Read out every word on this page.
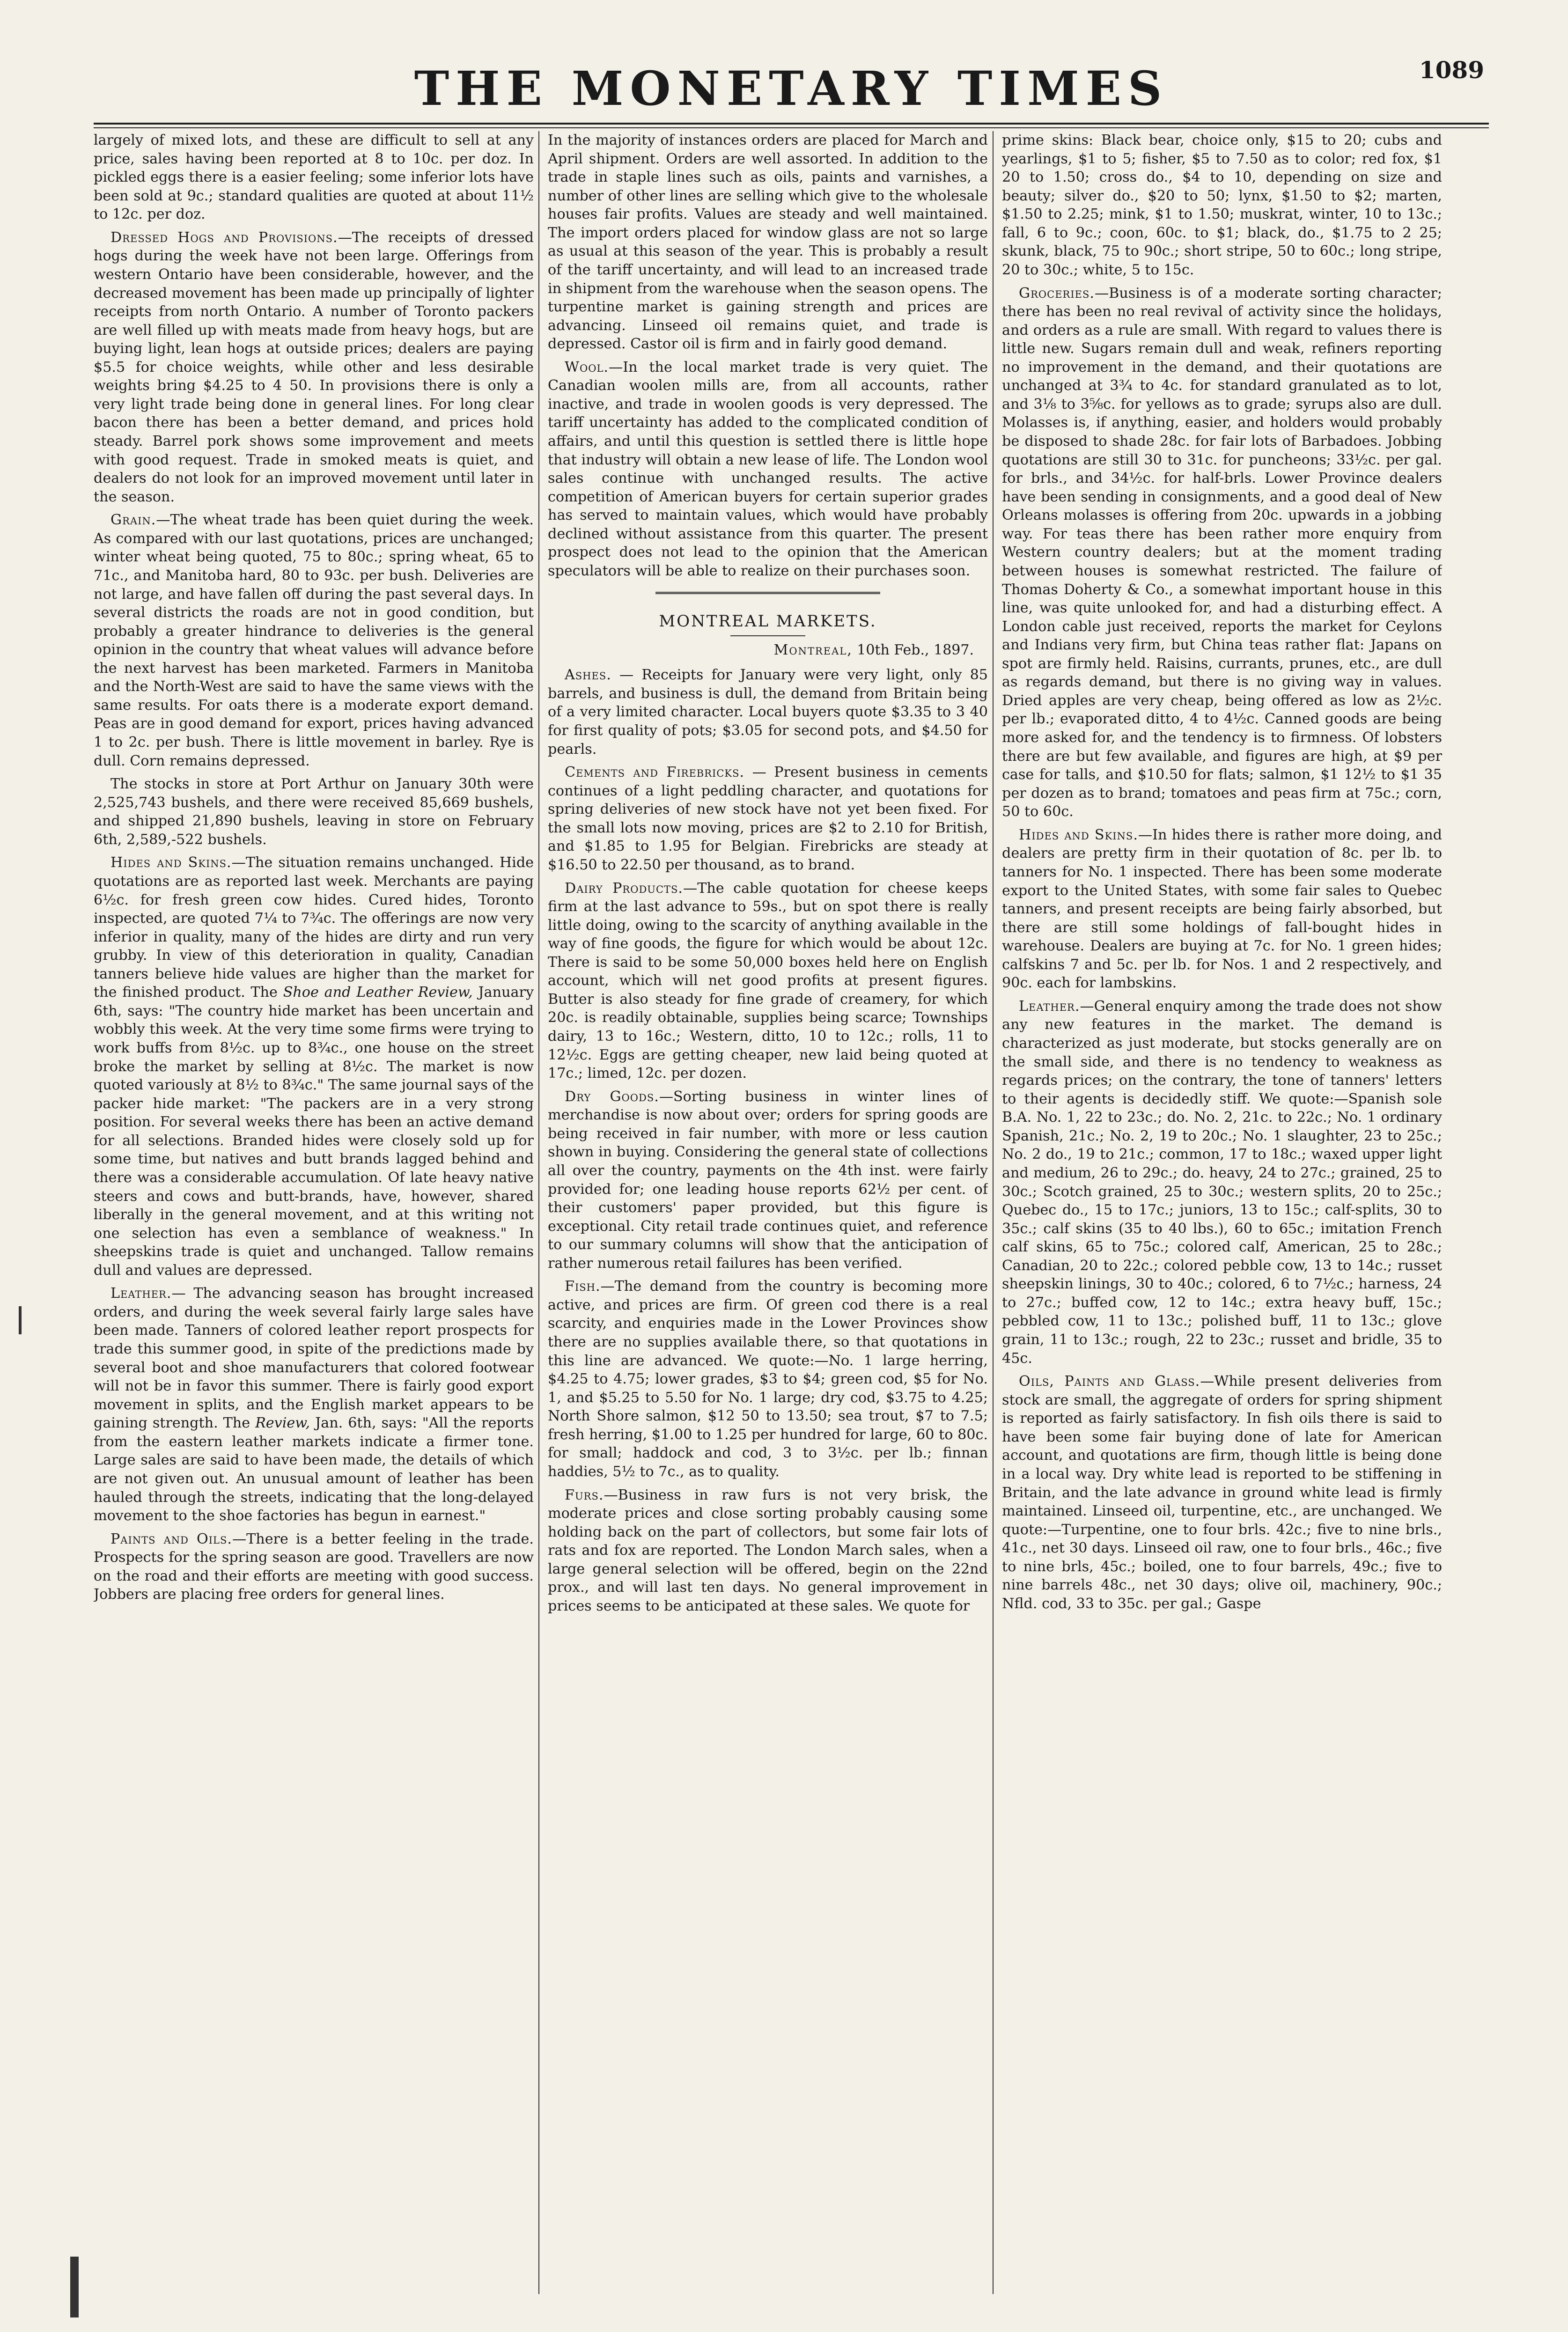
THE MONETARY TIMES	1089

largely of mixed lots, and these are difficult to sell at any price, sales having been reported at 8 to 10c. per doz. In pickled eggs there is a easier feeling; some inferior lots have been sold at 9c.; standard qualities are quoted at about 11½ to 12c. per doz.

Dressed Hogs and Provisions.—The receipts of dressed hogs during the week have not been large. Offerings from western Ontario have been considerable, however, and the decreased movement has been made up principally of lighter receipts from north Ontario. A number of Toronto packers are well filled up with meats made from heavy hogs, but are buying light, lean hogs at outside prices; dealers are paying $5.5 for choice weights, while other and less desirable weights bring $4.25 to 4 50. In provisions there is only a very light trade being done in general lines. For long clear bacon there has been a better demand, and prices hold steady. Barrel pork shows some improvement and meets with good request. Trade in smoked meats is quiet, and dealers do not look for an improved movement until later in the season.

Grain.—The wheat trade has been quiet during the week. As compared with our last quotations, prices are unchanged; winter wheat being quoted, 75 to 80c.; spring wheat, 65 to 71c., and Manitoba hard, 80 to 93c. per bush. Deliveries are not large, and have fallen off during the past several days. In several districts the roads are not in good condition, but probably a greater hindrance to deliveries is the general opinion in the country that wheat values will advance before the next harvest has been marketed. Farmers in Manitoba and the North-West are said to have the same views with the same results. For oats there is a moderate export demand. Peas are in good demand for export, prices having advanced 1 to 2c. per bush. There is little movement in barley. Rye is dull. Corn remains depressed.

The stocks in store at Port Arthur on January 30th were 2,525,743 bushels, and there were received 85,669 bushels, and shipped 21,890 bushels, leaving in store on February 6th, 2,589,-522 bushels.

Hides and Skins.—The situation remains unchanged. Hide quotations are as reported last week. Merchants are paying 6½c. for fresh green cow hides. Cured hides, Toronto inspected, are quoted 7¼ to 7¾c. The offerings are now very inferior in quality, many of the hides are dirty and run very grubby. In view of this deterioration in quality, Canadian tanners believe hide values are higher than the market for the finished product. The Shoe and Leather Review, January 6th, says: "The country hide market has been uncertain and wobbly this week. At the very time some firms were trying to work buffs from 8½c. up to 8¾c., one house on the street broke the market by selling at 8½c. The market is now quoted variously at 8½ to 8¾c." The same journal says of the packer hide market: "The packers are in a very strong position. For several weeks there has been an active demand for all selections. Branded hides were closely sold up for some time, but natives and butt brands lagged behind and there was a considerable accumulation. Of late heavy native steers and cows and butt-brands, have, however, shared liberally in the general movement, and at this writing not one selection has even a semblance of weakness." In sheepskins trade is quiet and unchanged. Tallow remains dull and values are depressed.

Leather.— The advancing season has brought increased orders, and during the week several fairly large sales have been made. Tanners of colored leather report prospects for trade this summer good, in spite of the predictions made by several boot and shoe manufacturers that colored footwear will not be in favor this summer. There is fairly good export movement in splits, and the English market appears to be gaining strength. The Review, Jan. 6th, says: "All the reports from the eastern leather markets indicate a firmer tone. Large sales are said to have been made, the details of which are not given out. An unusual amount of leather has been hauled through the streets, indicating that the long-delayed movement to the shoe factories has begun in earnest."

Paints and Oils.—There is a better feeling in the trade. Prospects for the spring season are good. Travellers are now on the road and their efforts are meeting with good success. Jobbers are placing free orders for general lines.

In the majority of instances orders are placed for March and April shipment. Orders are well assorted. In addition to the trade in staple lines such as oils, paints and varnishes, a number of other lines are selling which give to the wholesale houses fair profits. Values are steady and well maintained. The import orders placed for window glass are not so large as usual at this season of the year. This is probably a result of the tariff uncertainty, and will lead to an increased trade in shipment from the warehouse when the season opens. The turpentine market is gaining strength and prices are advancing. Linseed oil remains quiet, and trade is depressed. Castor oil is firm and in fairly good demand.

Wool.—In the local market trade is very quiet. The Canadian woolen mills are, from all accounts, rather inactive, and trade in woolen goods is very depressed. The tariff uncertainty has added to the complicated condition of affairs, and until this question is settled there is little hope that industry will obtain a new lease of life. The London wool sales continue with unchanged results. The active competition of American buyers for certain superior grades has served to maintain values, which would have probably declined without assistance from this quarter. The present prospect does not lead to the opinion that the American speculators will be able to realize on their purchases soon.

MONTREAL MARKETS.
Montreal, 10th Feb., 1897.

Ashes. — Receipts for January were very light, only 85 barrels, and business is dull, the demand from Britain being of a very limited character. Local buyers quote $3.35 to 3 40 for first quality of pots; $3.05 for second pots, and $4.50 for pearls.

Cements and Firebricks. — Present business in cements continues of a light peddling character, and quotations for spring deliveries of new stock have not yet been fixed. For the small lots now moving, prices are $2 to 2.10 for British, and $1.85 to 1.95 for Belgian. Firebricks are steady at $16.50 to 22.50 per thousand, as to brand.

Dairy Products.—The cable quotation for cheese keeps firm at the last advance to 59s., but on spot there is really little doing, owing to the scarcity of anything available in the way of fine goods, the figure for which would be about 12c. There is said to be some 50,000 boxes held here on English account, which will net good profits at present figures. Butter is also steady for fine grade of creamery, for which 20c. is readily obtainable, supplies being scarce; Townships dairy, 13 to 16c.; Western, ditto, 10 to 12c.; rolls, 11 to 12½c. Eggs are getting cheaper, new laid being quoted at 17c.; limed, 12c. per dozen.

Dry Goods.—Sorting business in winter lines of merchandise is now about over; orders for spring goods are being received in fair number, with more or less caution shown in buying. Considering the general state of collections all over the country, payments on the 4th inst. were fairly provided for; one leading house reports 62½ per cent. of their customers' paper provided, but this figure is exceptional. City retail trade continues quiet, and reference to our summary columns will show that the anticipation of rather numerous retail failures has been verified.

Fish.—The demand from the country is becoming more active, and prices are firm. Of green cod there is a real scarcity, and enquiries made in the Lower Provinces show there are no supplies available there, so that quotations in this line are advanced. We quote:—No. 1 large herring, $4.25 to 4.75; lower grades, $3 to $4; green cod, $5 for No. 1, and $5.25 to 5.50 for No. 1 large; dry cod, $3.75 to 4.25; North Shore salmon, $12 50 to 13.50; sea trout, $7 to 7.5; fresh herring, $1.00 to 1.25 per hundred for large, 60 to 80c. for small; haddock and cod, 3 to 3½c. per lb.; finnan haddies, 5½ to 7c., as to quality.

Furs.—Business in raw furs is not very brisk, the moderate prices and close sorting probably causing some holding back on the part of collectors, but some fair lots of rats and fox are reported. The London March sales, when a large general selection will be offered, begin on the 22nd prox., and will last ten days. No general improvement in prices seems to be anticipated at these sales. We quote for

prime skins: Black bear, choice only, $15 to 20; cubs and yearlings, $1 to 5; fisher, $5 to 7.50 as to color; red fox, $1 20 to 1.50; cross do., $4 to 10, depending on size and beauty; silver do., $20 to 50; lynx, $1.50 to $2; marten, $1.50 to 2.25; mink, $1 to 1.50; muskrat, winter, 10 to 13c.; fall, 6 to 9c.; coon, 60c. to $1; black, do., $1.75 to 2 25; skunk, black, 75 to 90c.; short stripe, 50 to 60c.; long stripe, 20 to 30c.; white, 5 to 15c.

Groceries.—Business is of a moderate sorting character; there has been no real revival of activity since the holidays, and orders as a rule are small. With regard to values there is little new. Sugars remain dull and weak, refiners reporting no improvement in the demand, and their quotations are unchanged at 3¾ to 4c. for standard granulated as to lot, and 3⅛ to 3⅝c. for yellows as to grade; syrups also are dull. Molasses is, if anything, easier, and holders would probably be disposed to shade 28c. for fair lots of Barbadoes. Jobbing quotations are still 30 to 31c. for puncheons; 33½c. per gal. for brls., and 34½c. for half-brls. Lower Province dealers have been sending in consignments, and a good deal of New Orleans molasses is offering from 20c. upwards in a jobbing way. For teas there has been rather more enquiry from Western country dealers; but at the moment trading between houses is somewhat restricted. The failure of Thomas Doherty & Co., a somewhat important house in this line, was quite unlooked for, and had a disturbing effect. A London cable just received, reports the market for Ceylons and Indians very firm, but China teas rather flat: Japans on spot are firmly held. Raisins, currants, prunes, etc., are dull as regards demand, but there is no giving way in values. Dried apples are very cheap, being offered as low as 2½c. per lb.; evaporated ditto, 4 to 4½c. Canned goods are being more asked for, and the tendency is to firmness. Of lobsters there are but few available, and figures are high, at $9 per case for talls, and $10.50 for flats; salmon, $1 12½ to $1 35 per dozen as to brand; tomatoes and peas firm at 75c.; corn, 50 to 60c.

Hides and Skins.—In hides there is rather more doing, and dealers are pretty firm in their quotation of 8c. per lb. to tanners for No. 1 inspected. There has been some moderate export to the United States, with some fair sales to Quebec tanners, and present receipts are being fairly absorbed, but there are still some holdings of fall-bought hides in warehouse. Dealers are buying at 7c. for No. 1 green hides; calfskins 7 and 5c. per lb. for Nos. 1 and 2 respectively, and 90c. each for lambskins.

Leather.—General enquiry among the trade does not show any new features in the market. The demand is characterized as just moderate, but stocks generally are on the small side, and there is no tendency to weakness as regards prices; on the contrary, the tone of tanners' letters to their agents is decidedly stiff. We quote:—Spanish sole B.A. No. 1, 22 to 23c.; do. No. 2, 21c. to 22c.; No. 1 ordinary Spanish, 21c.; No. 2, 19 to 20c.; No. 1 slaughter, 23 to 25c.; No. 2 do., 19 to 21c.; common, 17 to 18c.; waxed upper light and medium, 26 to 29c.; do. heavy, 24 to 27c.; grained, 25 to 30c.; Scotch grained, 25 to 30c.; western splits, 20 to 25c.; Quebec do., 15 to 17c.; juniors, 13 to 15c.; calf-splits, 30 to 35c.; calf skins (35 to 40 lbs.), 60 to 65c.; imitation French calf skins, 65 to 75c.; colored calf, American, 25 to 28c.; Canadian, 20 to 22c.; colored pebble cow, 13 to 14c.; russet sheepskin linings, 30 to 40c.; colored, 6 to 7½c.; harness, 24 to 27c.; buffed cow, 12 to 14c.; extra heavy buff, 15c.; pebbled cow, 11 to 13c.; polished buff, 11 to 13c.; glove grain, 11 to 13c.; rough, 22 to 23c.; russet and bridle, 35 to 45c.

Oils, Paints and Glass.—While present deliveries from stock are small, the aggregate of orders for spring shipment is reported as fairly satisfactory. In fish oils there is said to have been some fair buying done of late for American account, and quotations are firm, though little is being done in a local way. Dry white lead is reported to be stiffening in Britain, and the late advance in ground white lead is firmly maintained. Linseed oil, turpentine, etc., are unchanged. We quote:—Turpentine, one to four brls. 42c.; five to nine brls., 41c., net 30 days. Linseed oil raw, one to four brls., 46c.; five to nine brls, 45c.; boiled, one to four barrels, 49c.; five to nine barrels 48c., net 30 days; olive oil, machinery, 90c.; Nfld. cod, 33 to 35c. per gal.; Gaspe
